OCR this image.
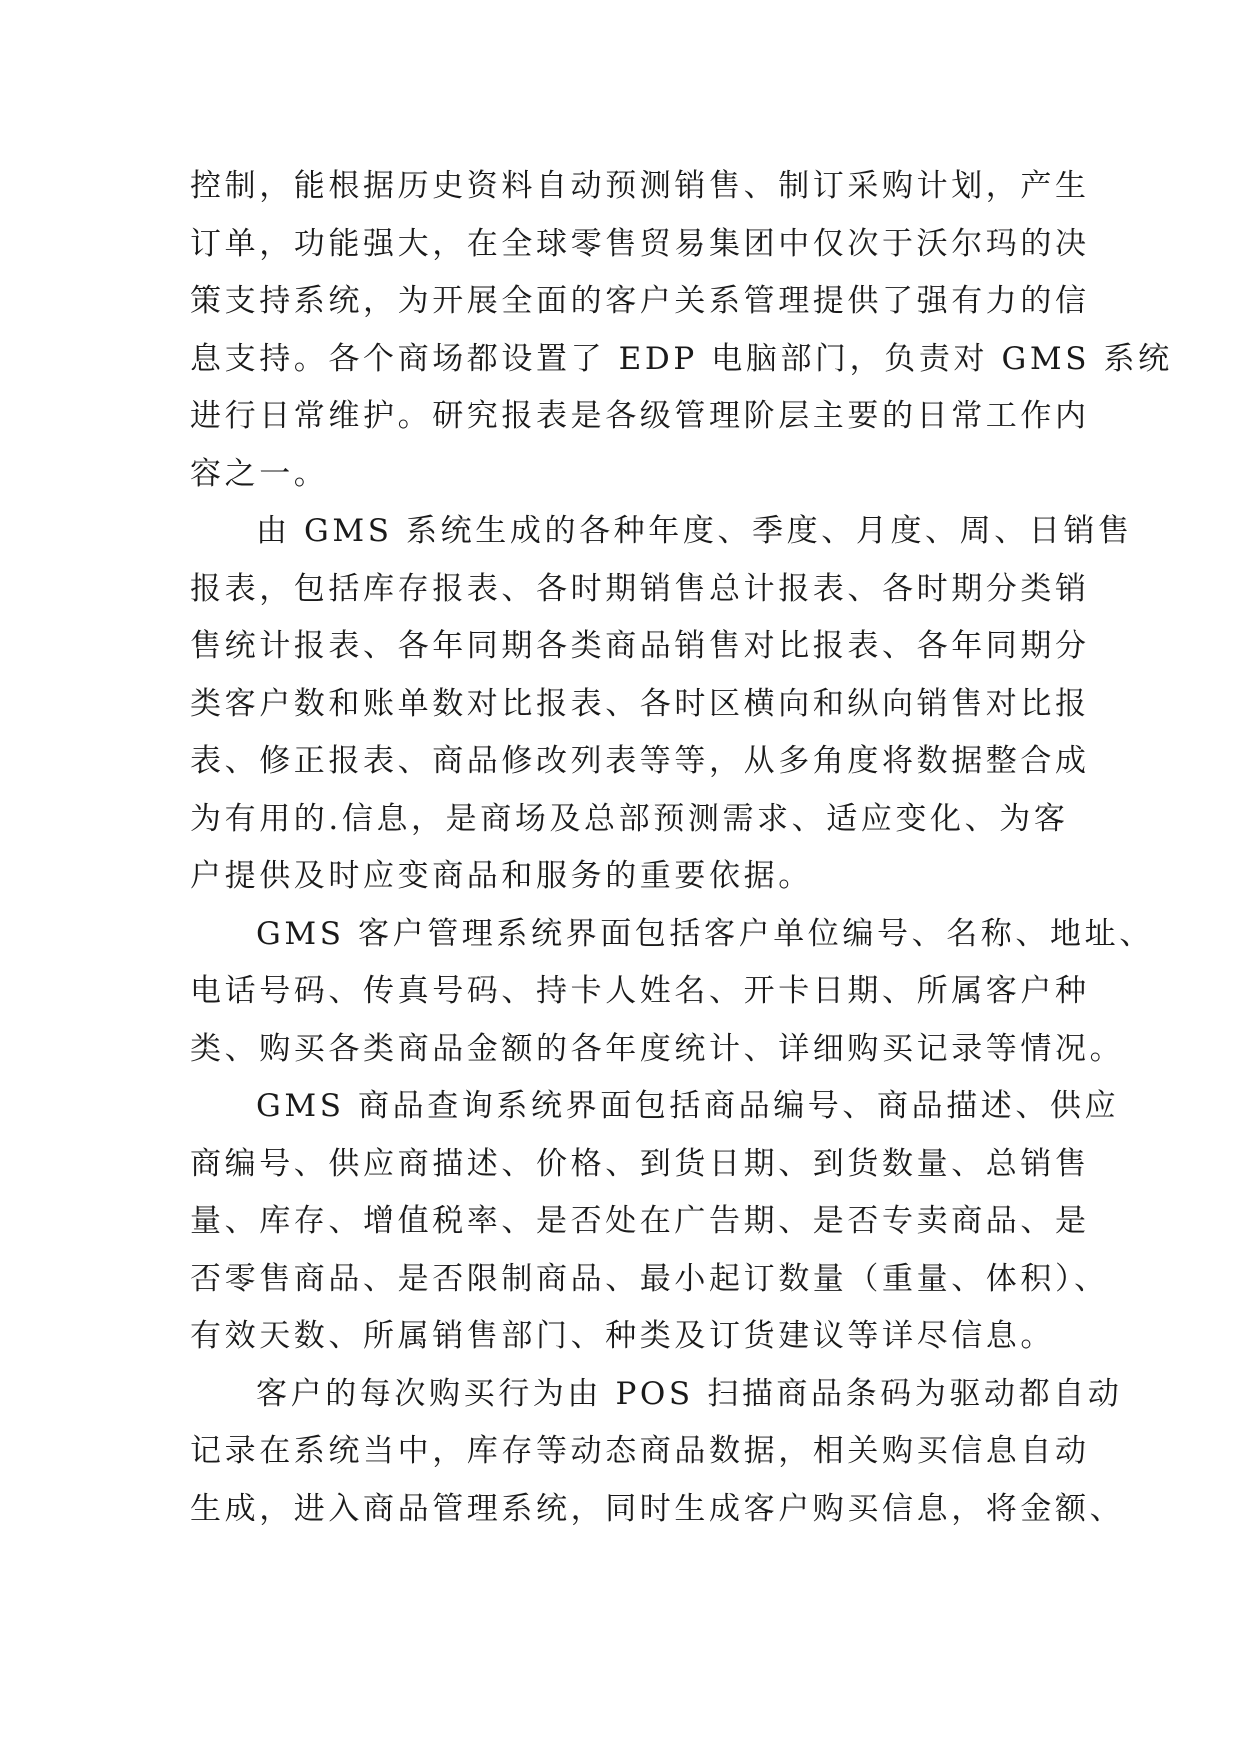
控制，能根据历史资料自动预测销售、制订采购计划，产生
订单，功能强大，在全球零售贸易集团中仅次于沃尔玛的决
策支持系统，为开展全面的客户关系管理提供了强有力的信
息支持。各个商场都设置了 EDP 电脑部门，负责对 GMS 系统
进行日常维护。研究报表是各级管理阶层主要的日常工作内
容之一。
由 GMS 系统生成的各种年度、季度、月度、周、日销售
报表，包括库存报表、各时期销售总计报表、各时期分类销
售统计报表、各年同期各类商品销售对比报表、各年同期分
类客户数和账单数对比报表、各时区横向和纵向销售对比报
表、修正报表、商品修改列表等等，从多角度将数据整合成
为有用的.信息，是商场及总部预测需求、适应变化、为客
户提供及时应变商品和服务的重要依据。
GMS 客户管理系统界面包括客户单位编号、名称、地址、
电话号码、传真号码、持卡人姓名、开卡日期、所属客户种
类、购买各类商品金额的各年度统计、详细购买记录等情况。
GMS 商品查询系统界面包括商品编号、商品描述、供应
商编号、供应商描述、价格、到货日期、到货数量、总销售
量、库存、增值税率、是否处在广告期、是否专卖商品、是
否零售商品、是否限制商品、最小起订数量（重量、体积）、
有效天数、所属销售部门、种类及订货建议等详尽信息。
客户的每次购买行为由 POS 扫描商品条码为驱动都自动
记录在系统当中，库存等动态商品数据，相关购买信息自动
生成，进入商品管理系统，同时生成客户购买信息，将金额、
